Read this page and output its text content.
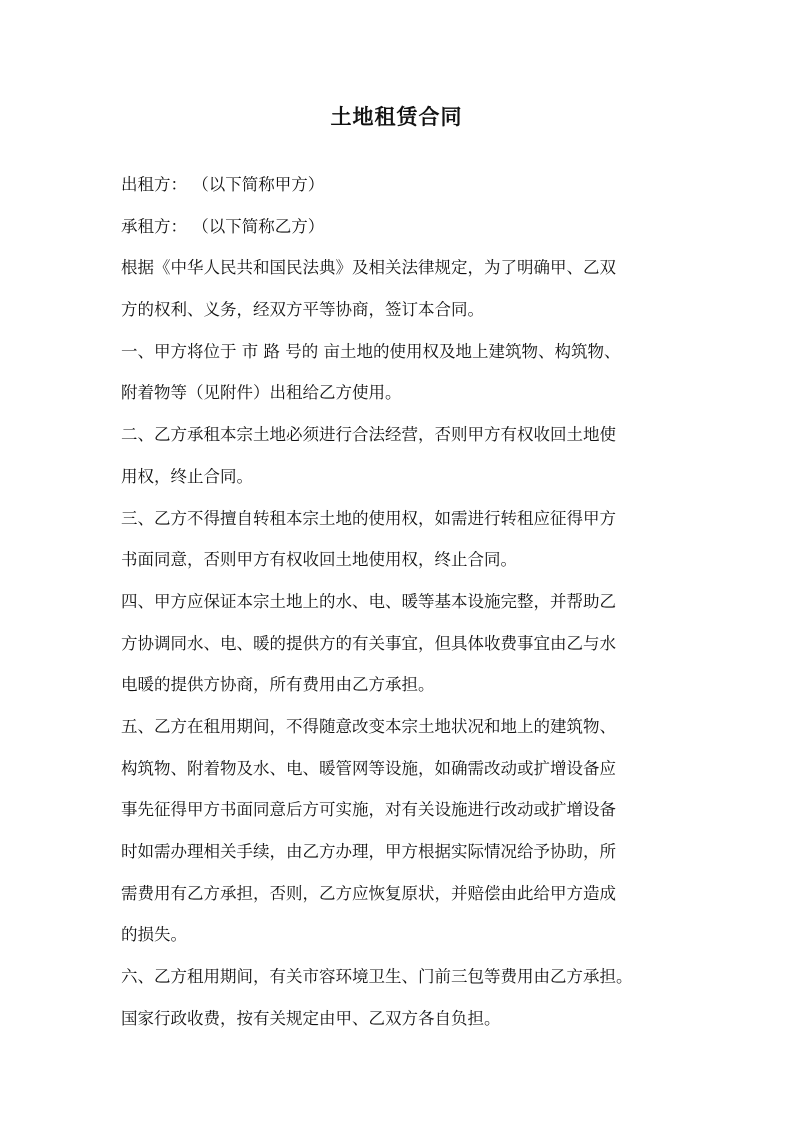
土地租赁合同
出租方： （以下简称甲方）
承租方： （以下简称乙方）
根据《中华人民共和国民法典》及相关法律规定，为了明确甲、乙双
方的权利、义务，经双方平等协商，签订本合同。
一、甲方将位于 市 路 号的 亩土地的使用权及地上建筑物、构筑物、
附着物等（见附件）出租给乙方使用。
二、乙方承租本宗土地必须进行合法经营，否则甲方有权收回土地使
用权，终止合同。
三、乙方不得擅自转租本宗土地的使用权，如需进行转租应征得甲方
书面同意，否则甲方有权收回土地使用权，终止合同。
四、甲方应保证本宗土地上的水、电、暖等基本设施完整，并帮助乙
方协调同水、电、暖的提供方的有关事宜，但具体收费事宜由乙与水
电暖的提供方协商，所有费用由乙方承担。
五、乙方在租用期间，不得随意改变本宗土地状况和地上的建筑物、
构筑物、附着物及水、电、暖管网等设施，如确需改动或扩增设备应
事先征得甲方书面同意后方可实施，对有关设施进行改动或扩增设备
时如需办理相关手续，由乙方办理，甲方根据实际情况给予协助，所
需费用有乙方承担，否则，乙方应恢复原状，并赔偿由此给甲方造成
的损失。
六、乙方租用期间，有关市容环境卫生、门前三包等费用由乙方承担。
国家行政收费，按有关规定由甲、乙双方各自负担。
